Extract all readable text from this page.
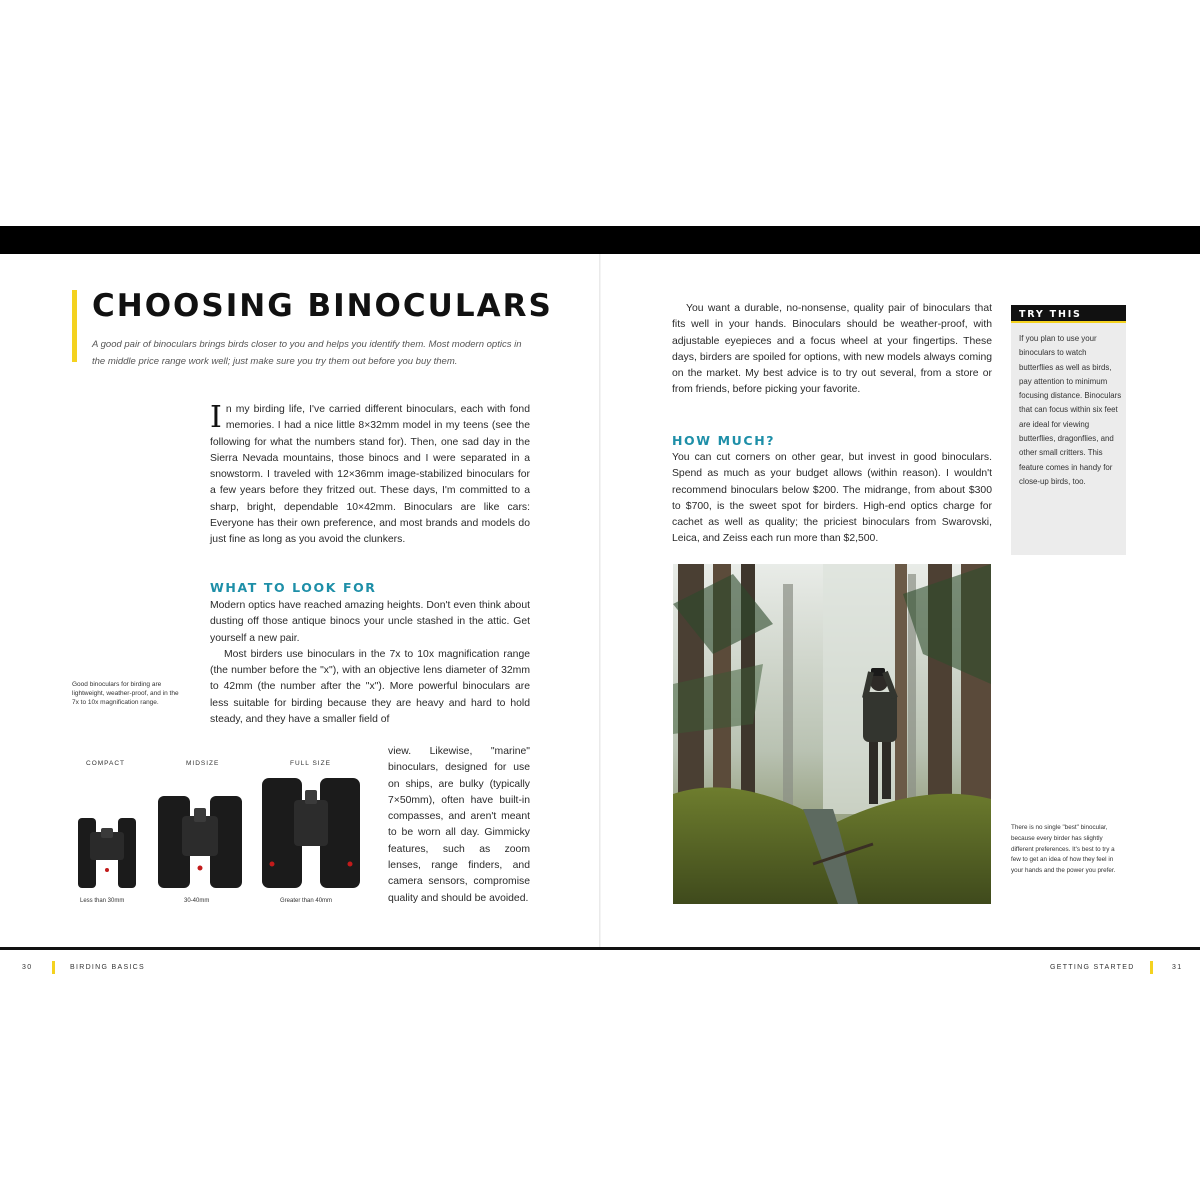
CHOOSING BINOCULARS

A good pair of binoculars brings birds closer to you and helps you identify them. Most modern optics in the middle price range work well; just make sure you try them out before you buy them.

In my birding life, I've carried different binoculars, each with fond memories. I had a nice little 8×32mm model in my teens (see the following for what the numbers stand for). Then, one sad day in the Sierra Nevada mountains, those binocs and I were separated in a snowstorm. I traveled with 12×36mm image-stabilized binoculars for a few years before they fritzed out. These days, I'm committed to a sharp, bright, dependable 10×42mm. Binoculars are like cars: Everyone has their own preference, and most brands and models do just fine as long as you avoid the clunkers.

WHAT TO LOOK FOR

Modern optics have reached amazing heights. Don't even think about dusting off those antique binocs your uncle stashed in the attic. Get yourself a new pair.

Most birders use binoculars in the 7x to 10x magnification range (the number before the "x"), with an objective lens diameter of 32mm to 42mm (the number after the "x"). More powerful binoculars are less suitable for birding because they are heavy and hard to hold steady, and they have a smaller field of

view. Likewise, "marine" binoculars, designed for use on ships, are bulky (typically 7×50mm), often have built-in compasses, and aren't meant to be worn all day. Gimmicky features, such as zoom lenses, range finders, and camera sensors, compromise quality and should be avoided.

Good binoculars for birding are lightweight, weather-proof, and in the 7x to 10x magnification range.

COMPACT	MIDSIZE	FULL SIZE

Less than 30mm	30-40mm	Greater than 40mm

You want a durable, no-nonsense, quality pair of binoculars that fits well in your hands. Binoculars should be weather-proof, with adjustable eyepieces and a focus wheel at your fingertips. These days, birders are spoiled for options, with new models always coming on the market. My best advice is to try out several, from a store or from friends, before picking your favorite.

HOW MUCH?

You can cut corners on other gear, but invest in good binoculars. Spend as much as your budget allows (within reason). I wouldn't recommend binoculars below $200. The midrange, from about $300 to $700, is the sweet spot for birders. High-end optics charge for cachet as well as quality; the priciest binoculars from Swarovski, Leica, and Zeiss each run more than $2,500.

TRY THIS

If you plan to use your binoculars to watch butterflies as well as birds, pay attention to minimum focusing distance. Binoculars that can focus within six feet are ideal for viewing butterflies, dragonflies, and other small critters. This feature comes in handy for close-up birds, too.

There is no single "best" binocular, because every birder has slightly different preferences. It's best to try a few to get an idea of how they feel in your hands and the power you prefer.

30	BIRDING BASICS	GETTING STARTED	31
